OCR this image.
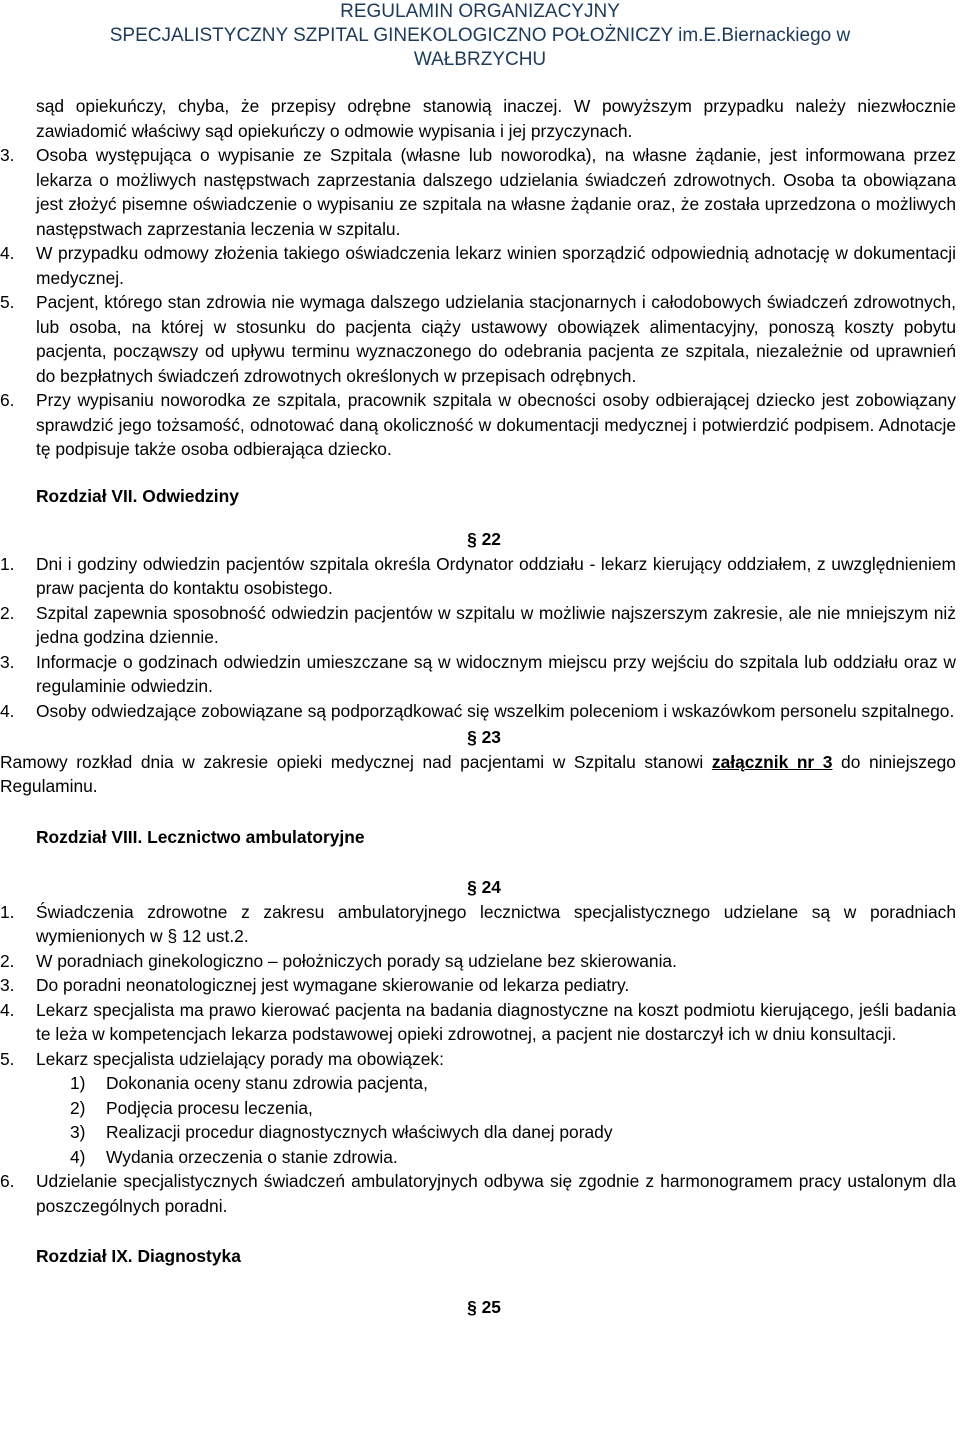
REGULAMIN ORGANIZACYJNY
SPECJALISTYCZNY SZPITAL GINEKOLOGICZNO POŁOŻNICZY im.E.Biernackiego w
WAŁBRZYCHU

sąd opiekuńczy, chyba, że przepisy odrębne stanowią inaczej. W powyższym przypadku należy niezwłocznie zawiadomić właściwy sąd opiekuńczy o odmowie wypisania i jej przyczynach.

3. Osoba występująca o wypisanie ze Szpitala (własne lub noworodka), na własne żądanie, jest informowana przez lekarza o możliwych następstwach zaprzestania dalszego udzielania świadczeń zdrowotnych. Osoba ta obowiązana jest złożyć pisemne oświadczenie o wypisaniu ze szpitala na własne żądanie oraz, że została uprzedzona o możliwych następstwach zaprzestania leczenia w szpitalu.

4. W przypadku odmowy złożenia takiego oświadczenia lekarz winien sporządzić odpowiednią adnotację w dokumentacji medycznej.

5. Pacjent, którego stan zdrowia nie wymaga dalszego udzielania stacjonarnych i całodobowych świadczeń zdrowotnych, lub osoba, na której w stosunku do pacjenta ciąży ustawowy obowiązek alimentacyjny, ponoszą koszty pobytu pacjenta, począwszy od upływu terminu wyznaczonego do odebrania pacjenta ze szpitala, niezależnie od uprawnień do bezpłatnych świadczeń zdrowotnych określonych w przepisach odrębnych.

6. Przy wypisaniu noworodka ze szpitala, pracownik szpitala w obecności osoby odbierającej dziecko jest zobowiązany sprawdzić jego tożsamość, odnotować daną okoliczność w dokumentacji medycznej i potwierdzić podpisem. Adnotacje tę podpisuje także osoba odbierająca dziecko.

Rozdział VII. Odwiedziny
§ 22

1. Dni i godziny odwiedzin pacjentów szpitala określa Ordynator oddziału - lekarz kierujący oddziałem, z uwzględnieniem praw pacjenta do kontaktu osobistego.

2. Szpital zapewnia sposobność odwiedzin pacjentów w szpitalu w możliwie najszerszym zakresie, ale nie mniejszym niż jedna godzina dziennie.

3. Informacje o godzinach odwiedzin umieszczane są w widocznym miejscu przy wejściu do szpitala lub oddziału oraz w regulaminie odwiedzin.

4. Osoby odwiedzające zobowiązane są podporządkować się wszelkim poleceniom i wskazówkom personelu szpitalnego.

§ 23

Ramowy rozkład dnia w zakresie opieki medycznej nad pacjentami w Szpitalu stanowi załącznik nr 3 do niniejszego Regulaminu.

Rozdział VIII. Lecznictwo ambulatoryjne
§ 24

1. Świadczenia zdrowotne z zakresu ambulatoryjnego lecznictwa specjalistycznego udzielane są w poradniach wymienionych w § 12 ust.2.

2. W poradniach ginekologiczno – położniczych porady są udzielane bez skierowania.

3. Do poradni neonatologicznej jest wymagane skierowanie od lekarza pediatry.

4. Lekarz specjalista ma prawo kierować pacjenta na badania diagnostyczne na koszt podmiotu kierującego, jeśli badania te leża w kompetencjach lekarza podstawowej opieki zdrowotnej, a pacjent nie dostarczył ich w dniu konsultacji.

5. Lekarz specjalista udzielający porady ma obowiązek:

1) Dokonania oceny stanu zdrowia pacjenta,

2) Podjęcia procesu leczenia,

3) Realizacji procedur diagnostycznych właściwych dla danej porady

4) Wydania orzeczenia o stanie zdrowia.

6. Udzielanie specjalistycznych świadczeń ambulatoryjnych odbywa się zgodnie z harmonogramem pracy ustalonym dla poszczególnych poradni.

Rozdział IX. Diagnostyka
§ 25
